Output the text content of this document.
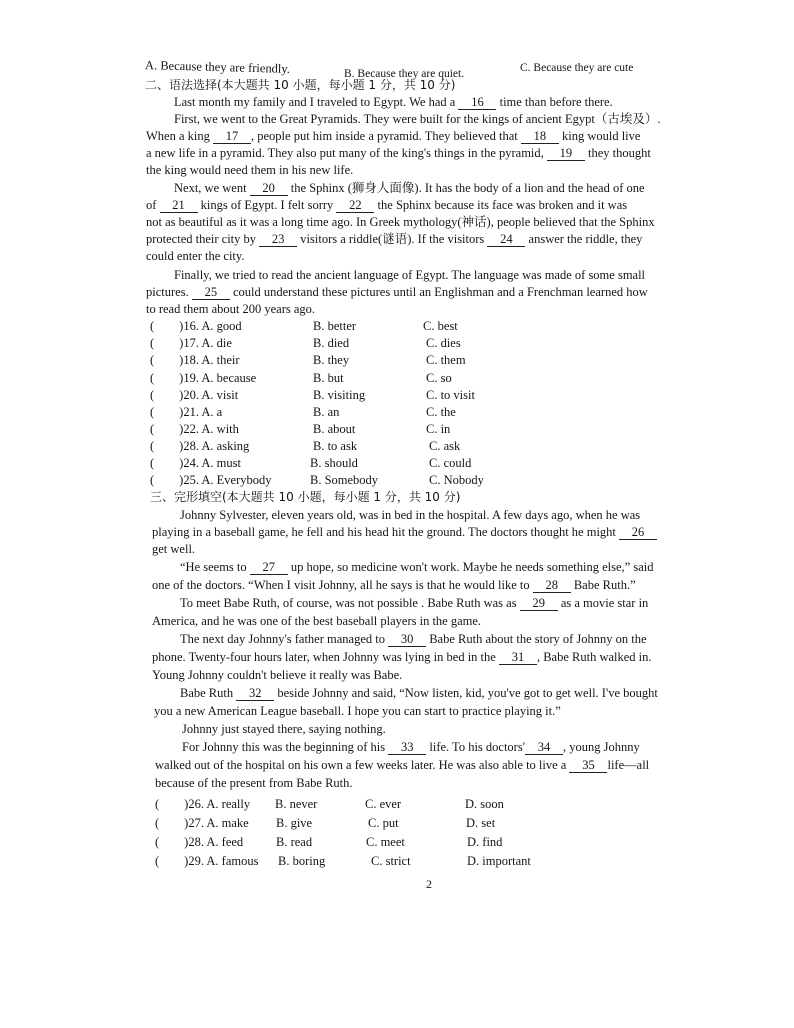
A. Because they are friendly.	B. Because they are quiet.	C. Because they are cute
二、语法选择(本大题共 10 小题，每小题 1 分，共 10 分)
Last month my family and I traveled to Egypt. We had a 16 time than before there.
First, we went to the Great Pyramids. They were built for the kings of ancient Egypt（古埃及）.
When a king 17 , people put him inside a pyramid. They believed that 18 king would live
a new life in a pyramid. They also put many of the king's things in the pyramid, 19 they thought
the king would need them in his new life.
Next, we went 20 the Sphinx (狮身人面像). It has the body of a lion and the head of one
of 21 kings of Egypt. I felt sorry 22 the Sphinx because its face was broken and it was
not as beautiful as it was a long time ago. In Greek mythology(神话), people believed that the Sphinx
protected their city by 23 visitors a riddle(谜语). If the visitors 24 answer the riddle, they
could enter the city.
Finally, we tried to read the ancient language of Egypt. The language was made of some small
pictures. 25 could understand these pictures until an Englishman and a Frenchman learned how
to read them about 200 years ago.
(　　)16. A. good	B. better	C. best
(　　)17. A. die	B. died	C. dies
(　　)18. A. their	B. they	C. them
(　　)19. A. because	B. but	C. so
(　　)20. A. visit	B. visiting	C. to visit
(　　)21. A. a	B. an	C. the
(　　)22. A. with	B. about	C. in
(　　)28. A. asking	B. to ask	C. ask
(　　)24. A. must	B. should	C. could
(　　)25. A. Everybody	B. Somebody	C. Nobody
三、完形填空(本大题共 10 小题，每小题 1 分，共 10 分)
Johnny Sylvester, eleven years old, was in bed in the hospital. A few days ago, when he was
playing in a baseball game, he fell and his head hit the ground. The doctors thought he might 26
get well.
“He seems to 27 up hope, so medicine won't work. Maybe he needs something else,” said
one of the doctors. “When I visit Johnny, all he says is that he would like to 28 Babe Ruth.”
To meet Babe Ruth, of course, was not possible . Babe Ruth was as 29 as a movie star in
America, and he was one of the best baseball players in the game.
The next day Johnny's father managed to 30 Babe Ruth about the story of Johnny on the
phone. Twenty-four hours later, when Johnny was lying in bed in the 31 , Babe Ruth walked in.
Young Johnny couldn't believe it really was Babe.
Babe Ruth 32 beside Johnny and said, “Now listen, kid, you've got to get well. I've bought
you a new American League baseball. I hope you can start to practice playing it.”
Johnny just stayed there, saying nothing.
For Johnny this was the beginning of his 33 life. To his doctors' 34 , young Johnny
walked out of the hospital on his own a few weeks later. He was also able to live a 35 life—all
because of the present from Babe Ruth.
(　　)26. A. really B. never	C. ever	D. soon
(　　)27. A. make B. give	C. put	D. set
(　　)28. A. feed	B. read	C. meet	D. find
(　　)29. A. famous B. boring	C. strict	D. important
2
